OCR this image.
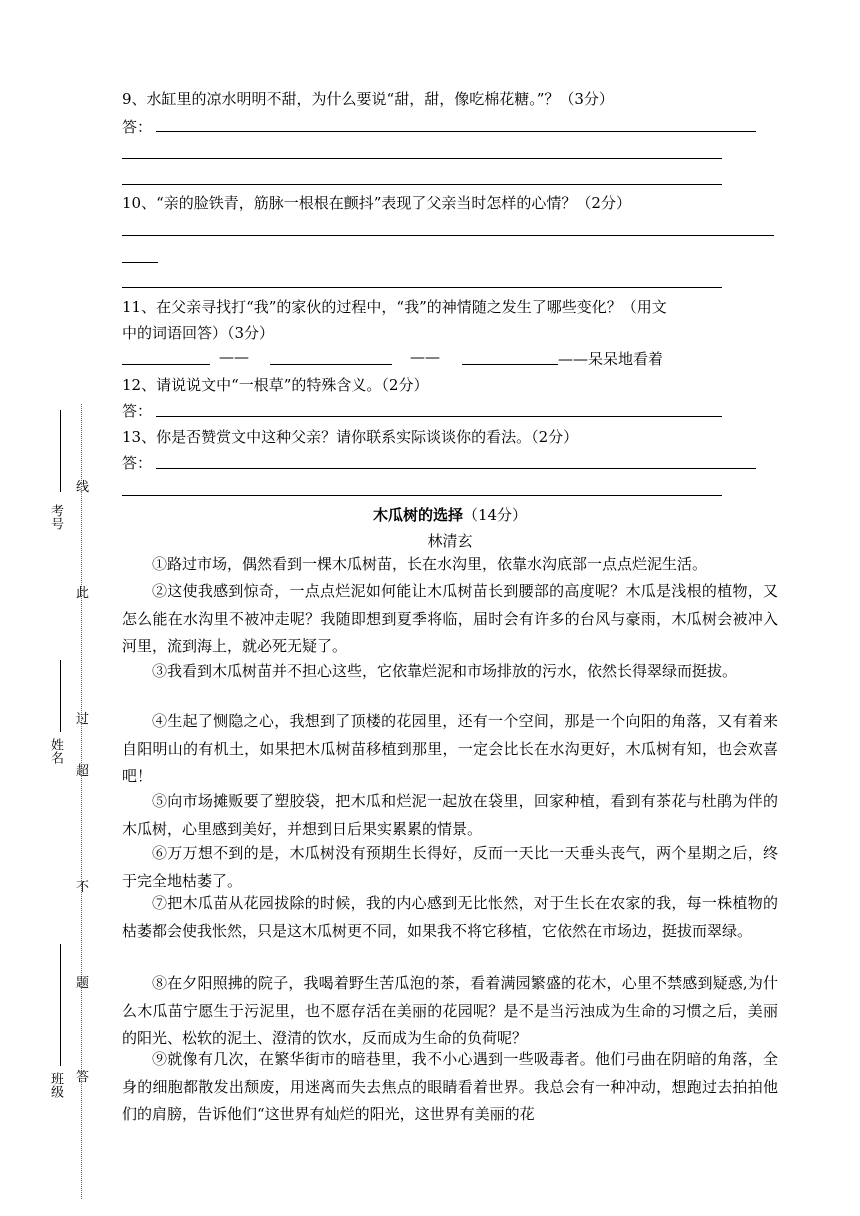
考号
姓名
班级
线
此
过
超
不
题
答
9、水缸里的凉水明明不甜，为什么要说“甜，甜，像吃棉花糖。”？（3分）
答：
10、“亲的脸铁青，筋脉一根根在颤抖”表现了父亲当时怎样的心情？（2分）
11、在父亲寻找打“我”的家伙的过程中，“我”的神情随之发生了哪些变化？（用文
中的词语回答）（3分）
——	——	——呆呆地看着
12、请说说文中“一根草”的特殊含义。（2分）
答：
13、你是否赞赏文中这种父亲？请你联系实际谈谈你的看法。（2分）
答：
木瓜树的选择（14分）
林清玄

①路过市场，偶然看到一棵木瓜树苗，长在水沟里，依靠水沟底部一点点烂泥生活。

②这使我感到惊奇，一点点烂泥如何能让木瓜树苗长到腰部的高度呢？木瓜是浅根的植物，又怎么能在水沟里不被冲走呢？我随即想到夏季将临，届时会有许多的台风与豪雨，木瓜树会被冲入河里，流到海上，就必死无疑了。

③我看到木瓜树苗并不担心这些，它依靠烂泥和市场排放的污水，依然长得翠绿而挺拔。

④生起了恻隐之心，我想到了顶楼的花园里，还有一个空间，那是一个向阳的角落，又有着来自阳明山的有机土，如果把木瓜树苗移植到那里，一定会比长在水沟更好，木瓜树有知，也会欢喜吧！

⑤向市场摊贩要了塑胶袋，把木瓜和烂泥一起放在袋里，回家种植，看到有茶花与杜鹃为伴的木瓜树，心里感到美好，并想到日后果实累累的情景。

⑥万万想不到的是，木瓜树没有预期生长得好，反而一天比一天垂头丧气，两个星期之后，终于完全地枯萎了。

⑦把木瓜苗从花园拔除的时候，我的内心感到无比怅然，对于生长在农家的我，每一株植物的枯萎都会使我怅然，只是这木瓜树更不同，如果我不将它移植，它依然在市场边，挺拔而翠绿。

⑧在夕阳照拂的院子，我喝着野生苦瓜泡的茶，看着满园繁盛的花木，心里不禁感到疑惑,为什么木瓜苗宁愿生于污泥里，也不愿存活在美丽的花园呢？是不是当污浊成为生命的习惯之后，美丽的阳光、松软的泥土、澄清的饮水，反而成为生命的负荷呢？

⑨就像有几次，在繁华街市的暗巷里，我不小心遇到一些吸毒者。他们弓曲在阴暗的角落，全身的细胞都散发出颓废，用迷离而失去焦点的眼睛看着世界。我总会有一种冲动，想跑过去拍拍他们的肩膀，告诉他们“这世界有灿烂的阳光，这世界有美丽的花
